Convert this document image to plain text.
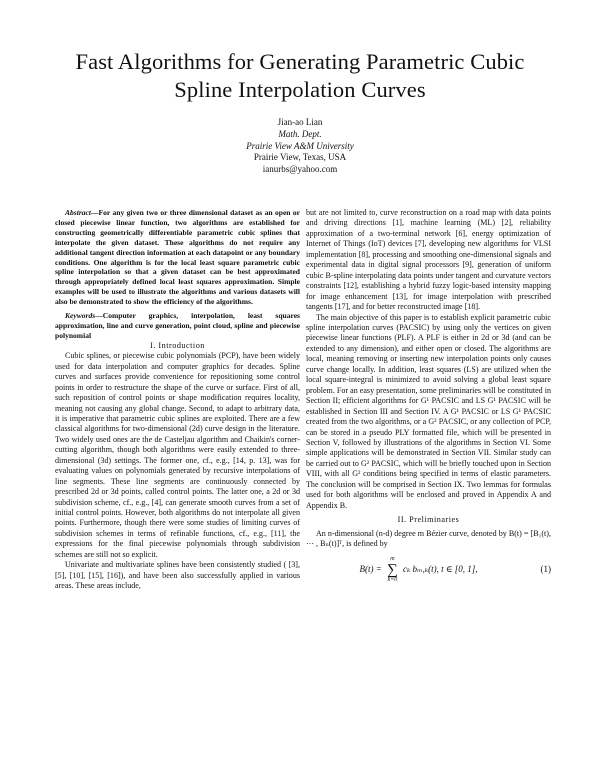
Fast Algorithms for Generating Parametric Cubic
Spline Interpolation Curves
Jian-ao Lian
Math. Dept.
Prairie View A&M University
Prairie View, Texas, USA
ianurbs@yahoo.com

Abstract—For any given two or three dimensional dataset as an open or closed piecewise linear function, two algorithms are established for constructing geometrically differentiable parametric cubic splines that interpolate the given dataset. These algorithms do not require any additional tangent direction information at each datapoint or any boundary conditions. One algorithm is for the local least square parametric cubic spline interpolation so that a given dataset can be best approximated through appropriately defined local least squares approximation. Simple examples will be used to illustrate the algorithms and various datasets will also be demonstrated to show the efficiency of the algorithms.

Keywords—Computer graphics, interpolation, least squares approximation, line and curve generation, point cloud, spline and piecewise polynomial

I. Introduction

Cubic splines, or piecewise cubic polynomials (PCP), have been widely used for data interpolation and computer graphics for decades. Spline curves and surfaces provide convenience for repositioning some control points in order to restructure the shape of the curve or surface. First of all, such reposition of control points or shape modification requires locality, meaning not causing any global change. Second, to adapt to arbitrary data, it is imperative that parametric cubic splines are exploited. There are a few classical algorithms for two-dimensional (2d) curve design in the literature. Two widely used ones are the de Casteljau algorithm and Chaikin's corner-cutting algorithm, though both algorithms were easily extended to three-dimensional (3d) settings. The former one, cf., e.g., [14, p. 13], was for evaluating values on polynomials generated by recursive interpolations of line segments. These line segments are continuously connected by prescribed 2d or 3d points, called control points. The latter one, a 2d or 3d subdivision scheme, cf., e.g., [4], can generate smooth curves from a set of initial control points. However, both algorithms do not interpolate all given points. Furthermore, though there were some studies of limiting curves of subdivision schemes in terms of refinable functions, cf., e.g., [11], the expressions for the final piecewise polynomials through subdivision schemes are still not so explicit.

Univariate and multivariate splines have been consistently studied ( [3], [5], [10], [15], [16]), and have been also successfully applied in various areas. These areas include,

but are not limited to, curve reconstruction on a road map with data points and driving directions [1], machine learning (ML) [2], reliability approximation of a two-terminal network [6], energy optimization of Internet of Things (IoT) devices [7], developing new algorithms for VLSI implementation [8], processing and smoothing one-dimensional signals and experimental data in digital signal processors [9], generation of uniform cubic B-spline interpolating data points under tangent and curvature vectors constraints [12], establishing a hybrid fuzzy logic-based intensity mapping for image enhancement [13], for image interpolation with prescribed tangents [17], and for better reconstructed image [18].

The main objective of this paper is to establish explicit parametric cubic spline interpolation curves (PACSIC) by using only the vertices on given piecewise linear functions (PLF). A PLF is either in 2d or 3d (and can be extended to any dimension), and either open or closed. The algorithms are local, meaning removing or inserting new interpolation points only causes curve change locally. In addition, least squares (LS) are utilized when the local square-integral is minimized to avoid solving a global least square problem. For an easy presentation, some preliminaries will be constituted in Section II; efficient algorithms for G¹ PACSIC and LS G¹ PACSIC will be established in Section III and Section IV. A G¹ PACSIC or LS G¹ PACSIC created from the two algorithms, or a G² PACSIC, or any collection of PCP, can be stored in a pseudo PLY formatted file, which will be presented in Section V, followed by illustrations of the algorithms in Section VI. Some simple applications will be demonstrated in Section VII. Similar study can be carried out to G² PACSIC, which will be briefly touched upon in Section VIII, with all G² conditions being specified in terms of elastic parameters. The conclusion will be comprised in Section IX. Two lemmas for formulas used for both algorithms will be enclosed and proved in Appendix A and Appendix B.

II. Preliminaries

An n-dimensional (n-d) degree m Bézier curve, denoted by B(t) = [B₁(t), ⋯ , Bₙ(t)]ᵀ, is defined by

B(t) =
m
∑
k=0
cₖ bₘ,ₖ(t), t ∈ [0, 1],	(1)
